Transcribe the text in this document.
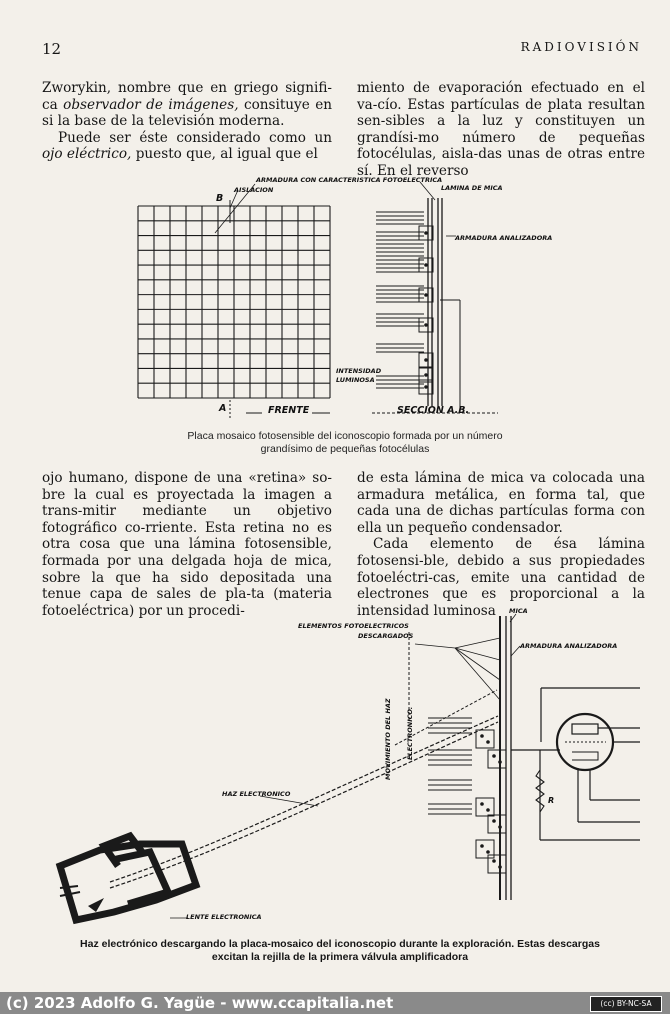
12	RADIOVISIÓN

Zworykin, nombre que en griego signifi-ca observador de imágenes, consituye en si la base de la televisión moderna.

Puede ser éste considerado como un ojo eléctrico, puesto que, al igual que el

miento de evaporación efectuado en el va-cío. Estas partículas de plata resultan sen-sibles a la luz y constituyen un grandísi-mo número de pequeñas fotocélulas, aisla-das unas de otras entre sí. En el reverso

ARMADURA CON CARACTERISTICA FOTOELECTRICA
AISLACION
B
A
INTENSIDAD
LUMINOSA
FRENTE	SECCION A.B.
LAMINA DE MICA
ARMADURA ANALIZADORA
Placa mosaico fotosensible del iconoscopio formada por un número
grandísimo de pequeñas fotocélulas

ojo humano, dispone de una «retina» so-bre la cual es proyectada la imagen a trans-mitir mediante un objetivo fotográfico co-rriente. Esta retina no es otra cosa que una lámina fotosensible, formada por una delgada hoja de mica, sobre la que ha sido depositada una tenue capa de sales de pla-ta (materia fotoeléctrica) por un procedi-

de esta lámina de mica va colocada una armadura metálica, en forma tal, que cada una de dichas partículas forma con ella un pequeño condensador.

Cada elemento de ésa lámina fotosensi-ble, debido a sus propiedades fotoeléctri-cas, emite una cantidad de electrones que es proporcional a la intensidad luminosa

ELEMENTOS FOTOELECTRICOS
DESCARGADOS
MICA
ARMADURA ANALIZADORA
MOVIMIENTO DEL HAZ ELECTRONICO.
HAZ ELECTRONICO
R
LENTE ELECTRONICA
Haz electrónico descargando la placa-mosaico del iconoscopio durante la exploración. Estas descargas
excitan la rejilla de la primera válvula amplificadora
(c) 2023 Adolfo G. Yagüe - www.ccapitalia.net	(cc) BY-NC-SA
